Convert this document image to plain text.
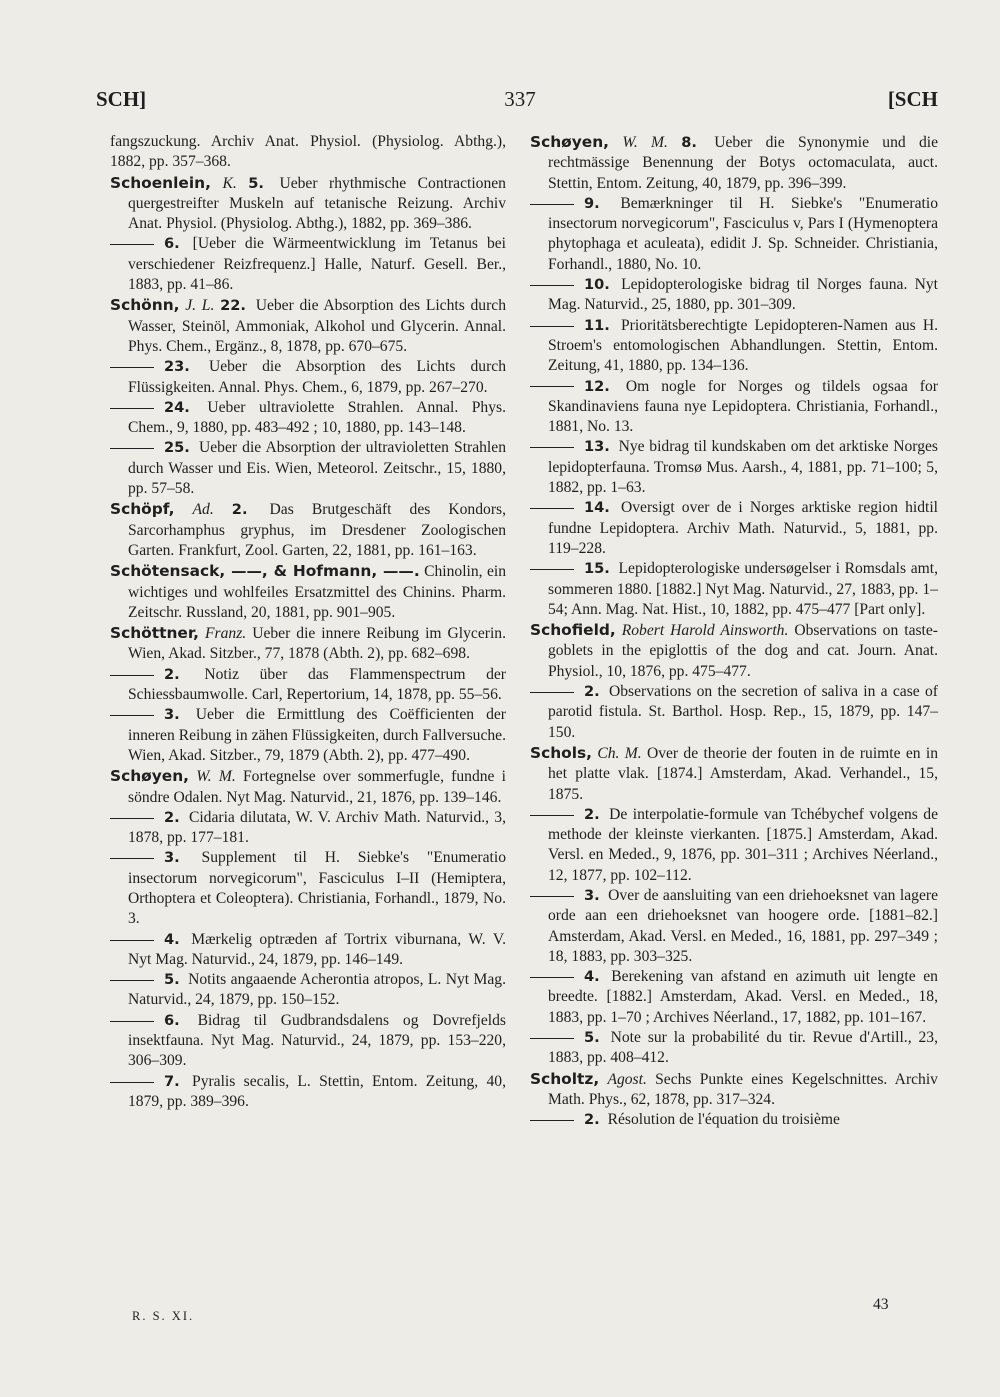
SCH]	337	[SCH

fangszuckung. Archiv Anat. Physiol. (Physiolog. Abthg.), 1882, pp. 357–368.

Schoenlein, K. 5. Ueber rhythmische Contractionen quergestreifter Muskeln auf tetanische Reizung. Archiv Anat. Physiol. (Physiolog. Abthg.), 1882, pp. 369–386.

6. [Ueber die Wärmeentwicklung im Tetanus bei verschiedener Reizfrequenz.] Halle, Naturf. Gesell. Ber., 1883, pp. 41–86.

Schönn, J. L. 22. Ueber die Absorption des Lichts durch Wasser, Steinöl, Ammoniak, Alkohol und Glycerin. Annal. Phys. Chem., Ergänz., 8, 1878, pp. 670–675.

23. Ueber die Absorption des Lichts durch Flüssigkeiten. Annal. Phys. Chem., 6, 1879, pp. 267–270.

24. Ueber ultraviolette Strahlen. Annal. Phys. Chem., 9, 1880, pp. 483–492 ; 10, 1880, pp. 143–148.

25. Ueber die Absorption der ultravioletten Strahlen durch Wasser und Eis. Wien, Meteorol. Zeitschr., 15, 1880, pp. 57–58.

Schöpf, Ad. 2. Das Brutgeschäft des Kondors, Sarcorhamphus gryphus, im Dresdener Zoologischen Garten. Frankfurt, Zool. Garten, 22, 1881, pp. 161–163.

Schötensack, ——, & Hofmann, ——. Chinolin, ein wichtiges und wohlfeiles Ersatzmittel des Chinins. Pharm. Zeitschr. Russland, 20, 1881, pp. 901–905.

Schöttner, Franz. Ueber die innere Reibung im Glycerin. Wien, Akad. Sitzber., 77, 1878 (Abth. 2), pp. 682–698.

2. Notiz über das Flammenspectrum der Schiessbaumwolle. Carl, Repertorium, 14, 1878, pp. 55–56.

3. Ueber die Ermittlung des Coëfficienten der inneren Reibung in zähen Flüssigkeiten, durch Fallversuche. Wien, Akad. Sitzber., 79, 1879 (Abth. 2), pp. 477–490.

Schøyen, W. M. Fortegnelse over sommerfugle, fundne i söndre Odalen. Nyt Mag. Naturvid., 21, 1876, pp. 139–146.

2. Cidaria dilutata, W. V. Archiv Math. Naturvid., 3, 1878, pp. 177–181.

3. Supplement til H. Siebke's "Enumeratio insectorum norvegicorum", Fasciculus I–II (Hemiptera, Orthoptera et Coleoptera). Christiania, Forhandl., 1879, No. 3.

4. Mærkelig optræden af Tortrix viburnana, W. V. Nyt Mag. Naturvid., 24, 1879, pp. 146–149.

5. Notits angaaende Acherontia atropos, L. Nyt Mag. Naturvid., 24, 1879, pp. 150–152.

6. Bidrag til Gudbrandsdalens og Dovrefjelds insektfauna. Nyt Mag. Naturvid., 24, 1879, pp. 153–220, 306–309.

7. Pyralis secalis, L. Stettin, Entom. Zeitung, 40, 1879, pp. 389–396.

Schøyen, W. M. 8. Ueber die Synonymie und die rechtmässige Benennung der Botys octomaculata, auct. Stettin, Entom. Zeitung, 40, 1879, pp. 396–399.

9. Bemærkninger til H. Siebke's "Enumeratio insectorum norvegicorum", Fasciculus v, Pars I (Hymenoptera phytophaga et aculeata), edidit J. Sp. Schneider. Christiania, Forhandl., 1880, No. 10.

10. Lepidopterologiske bidrag til Norges fauna. Nyt Mag. Naturvid., 25, 1880, pp. 301–309.

11. Prioritätsberechtigte Lepidopteren-Namen aus H. Stroem's entomologischen Abhandlungen. Stettin, Entom. Zeitung, 41, 1880, pp. 134–136.

12. Om nogle for Norges og tildels ogsaa for Skandinaviens fauna nye Lepidoptera. Christiania, Forhandl., 1881, No. 13.

13. Nye bidrag til kundskaben om det arktiske Norges lepidopterfauna. Tromsø Mus. Aarsh., 4, 1881, pp. 71–100; 5, 1882, pp. 1–63.

14. Oversigt over de i Norges arktiske region hidtil fundne Lepidoptera. Archiv Math. Naturvid., 5, 1881, pp. 119–228.

15. Lepidopterologiske undersøgelser i Romsdals amt, sommeren 1880. [1882.] Nyt Mag. Naturvid., 27, 1883, pp. 1–54; Ann. Mag. Nat. Hist., 10, 1882, pp. 475–477 [Part only].

Schofield, Robert Harold Ainsworth. Observations on taste-goblets in the epiglottis of the dog and cat. Journ. Anat. Physiol., 10, 1876, pp. 475–477.

2. Observations on the secretion of saliva in a case of parotid fistula. St. Barthol. Hosp. Rep., 15, 1879, pp. 147–150.

Schols, Ch. M. Over de theorie der fouten in de ruimte en in het platte vlak. [1874.] Amsterdam, Akad. Verhandel., 15, 1875.

2. De interpolatie-formule van Tchébychef volgens de methode der kleinste vierkanten. [1875.] Amsterdam, Akad. Versl. en Meded., 9, 1876, pp. 301–311 ; Archives Néerland., 12, 1877, pp. 102–112.

3. Over de aansluiting van een driehoeksnet van lagere orde aan een driehoeksnet van hoogere orde. [1881–82.] Amsterdam, Akad. Versl. en Meded., 16, 1881, pp. 297–349 ; 18, 1883, pp. 303–325.

4. Berekening van afstand en azimuth uit lengte en breedte. [1882.] Amsterdam, Akad. Versl. en Meded., 18, 1883, pp. 1–70 ; Archives Néerland., 17, 1882, pp. 101–167.

5. Note sur la probabilité du tir. Revue d'Artill., 23, 1883, pp. 408–412.

Scholtz, Agost. Sechs Punkte eines Kegelschnittes. Archiv Math. Phys., 62, 1878, pp. 317–324.

2. Résolution de l'équation du troisième

R. S. XI.
43
